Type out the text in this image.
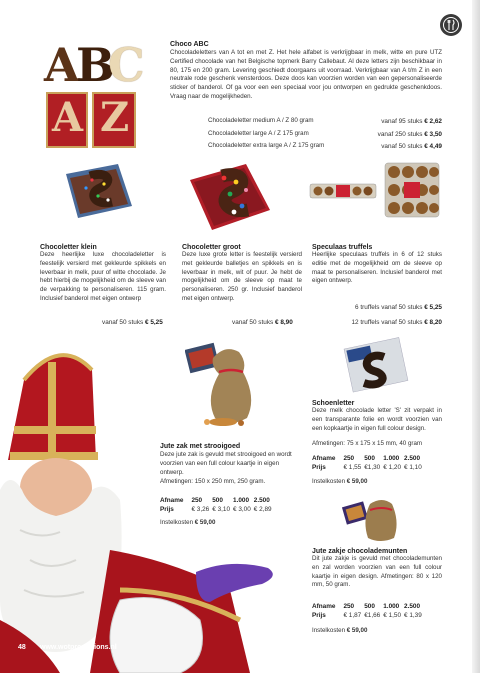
A
B
C
A Z
Choco ABC
Chocoladeletters van A tot en met Z. Het hele alfabet is verkrijgbaar in melk, witte en pure UTZ Certified chocolade van het Belgische topmerk Barry Callebaut. Al deze letters zijn beschikbaar in 80, 175 en 200 gram. Levering geschiedt doorgaans uit voorraad. Verkrijgbaar van A t/m Z in een neutrale rode geschenk vensterdoos. Deze doos kan voorzien worden van een gepersonaliseerde sticker of banderol. Of ga voor een een speciaal voor jou ontworpen en gedrukte geschenkdoos. Vraag naar de mogelijkheden.
Chocoladeletter medium A / Z 80 gram	vanaf 95 stuks € 2,62
Chocoladeletter large A / Z 175 gram	vanaf 250 stuks € 3,50
Chocoladeletter extra large A / Z 175 gram	vanaf 50 stuks € 4,49
Chocoletter klein
Deze heerlijke luxe chocoladeletter is feestelijk versierd met gekleurde spikkels en leverbaar in melk, puur of witte chocolade. Je hebt hierbij de mogelijkheid om de sleeve van de verpakking te personaliseren. 115 gram. Inclusief banderol met eigen ontwerp
vanaf 50 stuks € 5,25
Chocoletter groot
Deze luxe grote letter is feestelijk versierd met gekleurde balletjes en spikkels en is leverbaar in melk, wit of puur. Je hebt de mogelijkheid om de sleeve op maat te personaliseren. 250 gr. Inclusief banderol met eigen ontwerp.
vanaf 50 stuks € 8,90
Speculaas truffels
Heerlijke speculaas truffels in 6 of 12 stuks editie met de mogelijkheid om de sleeve op maat te personaliseren. Inclusief banderol met eigen ontwerp.
6 truffels vanaf 50 stuks € 5,25
12 truffels vanaf 50 stuks € 8,20
Jute zak met strooigoed
Deze jute zak is gevuld met strooigoed en wordt voorzien van een full colour kaartje in eigen ontwerp.
Afmetingen: 150 x 250 mm, 250 gram.
Afname	250	500	1.000	2.500
Prijs	€ 3,26	€ 3,10	€ 3,00	€ 2,89
Instelkosten € 59,00
Schoenletter
Deze melk chocolade letter 'S' zit verpakt in een transparante folie en wordt voorzien van een kopkaartje in eigen full colour design.
Afmetingen: 75 x 175 x 15 mm, 40 gram
Afname	250	500	1.000	2.500
Prijs	€ 1,55	€1,30	€ 1,20	€ 1,10
Instelkosten € 59,00
Jute zakje chocolademunten
Dit jute zakje is gevuld met chocolademunten en zal worden voorzien van een full colour kaartje in eigen design. Afmetingen: 80 x 120 mm, 50 gram.
Afname	250	500	1.000	2.500
Prijs	€ 1,87	€1,66	€ 1,50	€ 1,39
Instelkosten € 59,00
48 www.wotpromotions.nl
